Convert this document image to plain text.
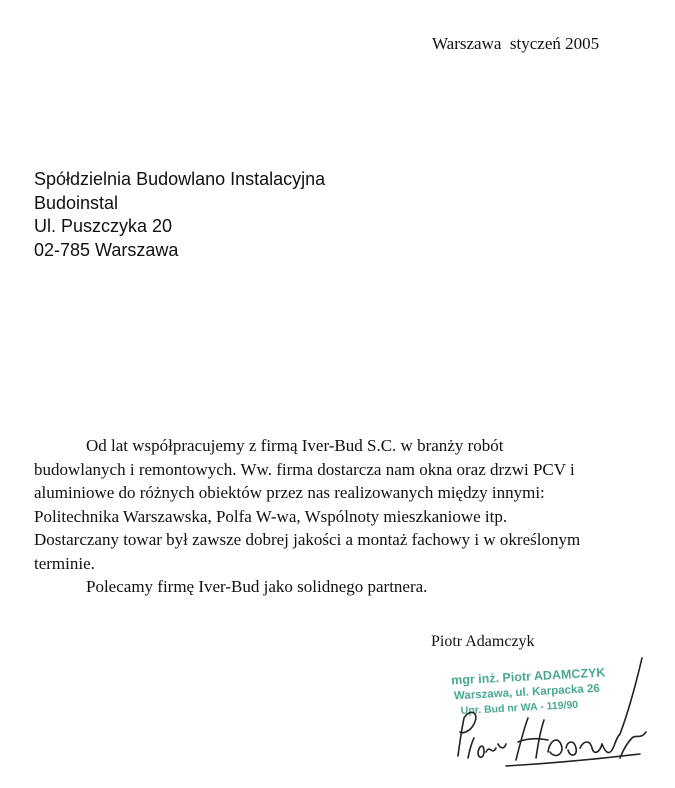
Warszawa  styczeń 2005
Spółdzielnia Budowlano Instalacyjna
Budoinstal
Ul. Puszczyka 20
02-785 Warszawa
Od lat współpracujemy z firmą Iver-Bud S.C. w branży robót
budowlanych i remontowych. Ww. firma dostarcza nam okna oraz drzwi PCV i
aluminiowe do różnych obiektów przez nas realizowanych między innymi:
Politechnika Warszawska, Polfa W-wa, Wspólnoty mieszkaniowe itp.
Dostarczany towar był zawsze dobrej jakości a montaż fachowy i w określonym
terminie.
Polecamy firmę Iver-Bud jako solidnego partnera.
Piotr Adamczyk
mgr inż. Piotr ADAMCZYK
Warszawa, ul. Karpacka 26
Upr. Bud nr WA - 119/90
